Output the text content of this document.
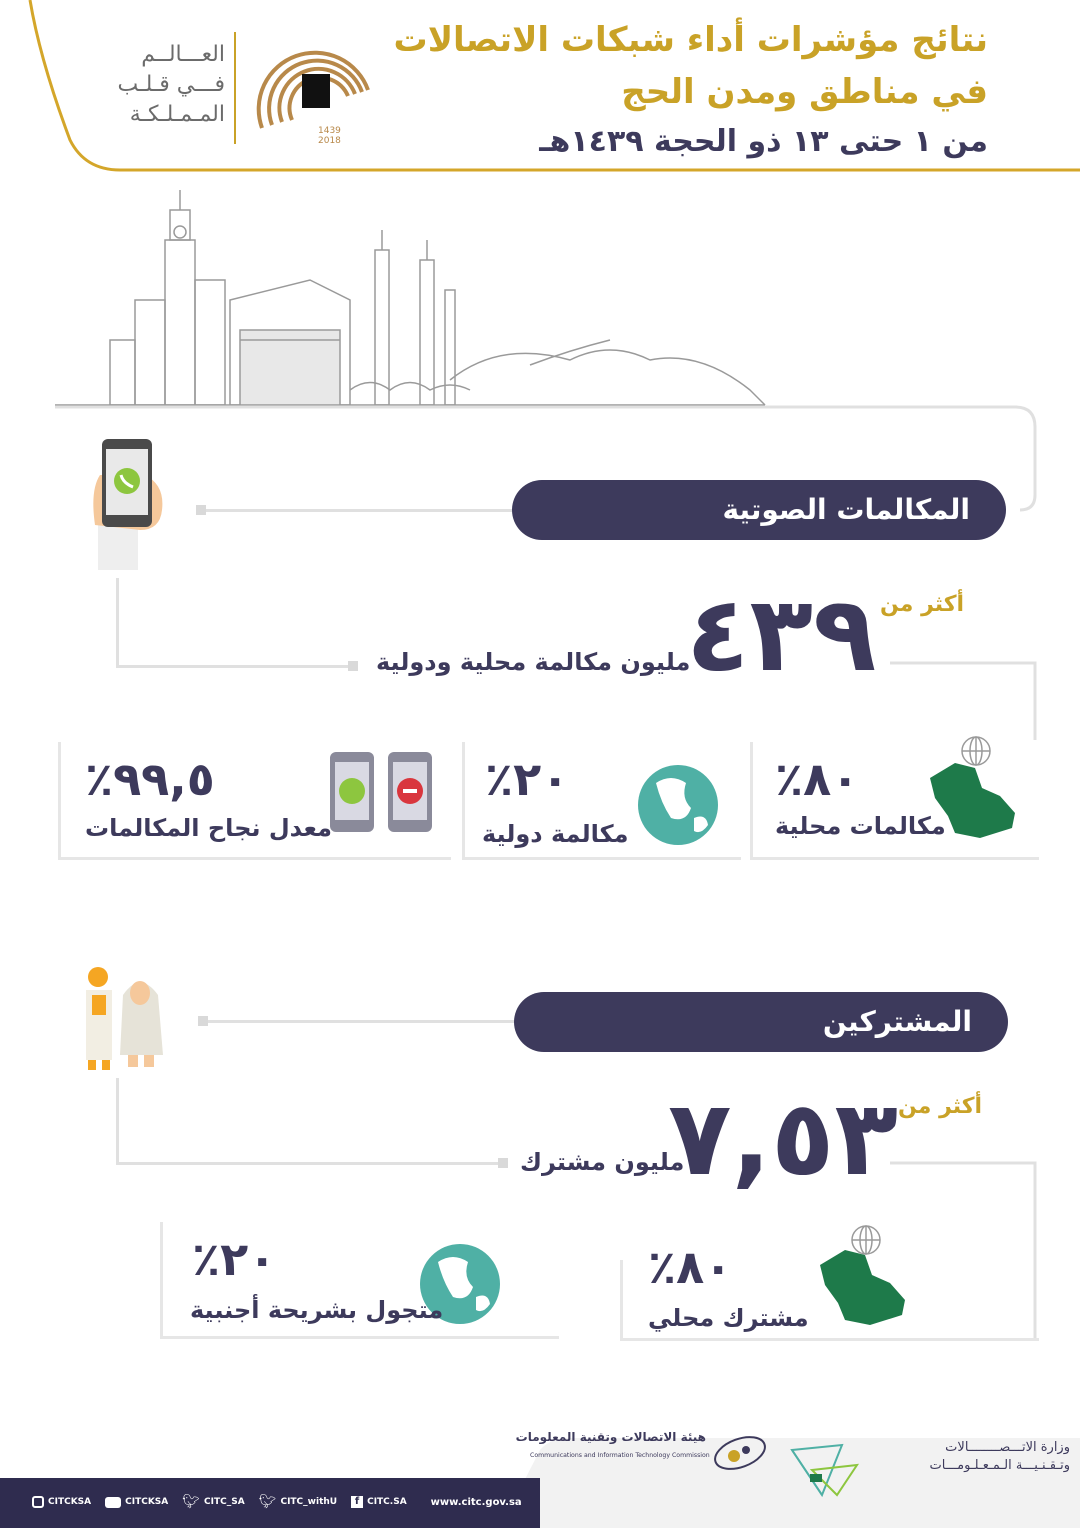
نتائج مؤشرات أداء شبكات الاتصالات
في مناطق ومدن الحج
من ١ حتى ١٣ ذو الحجة ١٤٣٩هـ
العـــالــم
فـــي قـلـب
المـمـلـكـة
1439
2018
المكالمات الصوتية
أكثر من
٤٣٩
مليون مكالمة محلية ودولية
٨٠٪
مكالمات محلية
٢٠٪
مكالمة دولية
٩٩,٥٪
معدل نجاح المكالمات
المشتركين
أكثر من
٧,٥٣
مليون مشترك
٨٠٪
مشترك محلي
٢٠٪
متجول بشريحة أجنبية
CITCKSA	CITCKSA 🐦︎ CITC_SA 🐦︎ CITC_withU	f CITC.SA www.citc.gov.sa
هيئة الاتصالات وتقنية المعلومات
Communications and Information Technology Commission
وزارة الاتـــصــــــــالات
وتـقـنـيـــة الـمـعـلـومـــات
